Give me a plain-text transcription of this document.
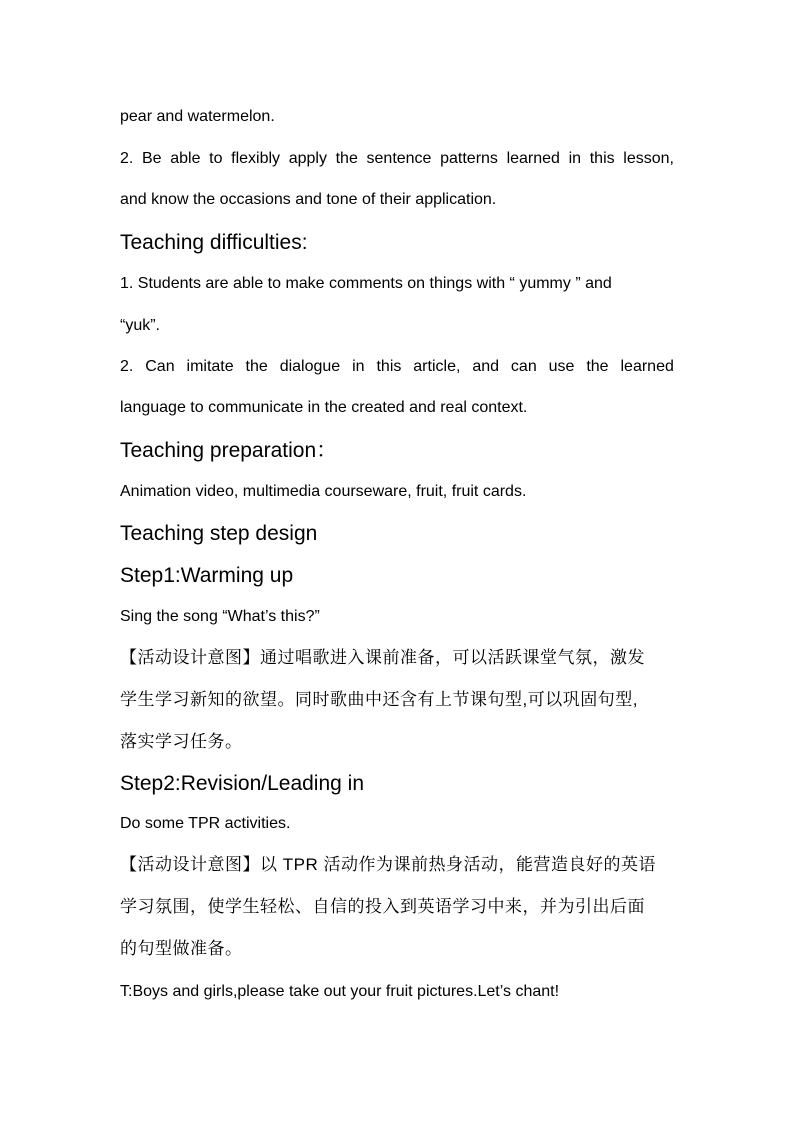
pear and watermelon.
2. Be able to flexibly apply the sentence patterns learned in this lesson,
and know the occasions and tone of their application.
Teaching difficulties:
1. Students are able to make comments on things with “ yummy ” and
“yuk”.
2. Can imitate the dialogue in this article, and can use the learned
language to communicate in the created and real context.
Teaching preparation：
Animation video, multimedia courseware, fruit, fruit cards.
Teaching step design
Step1:Warming up
Sing the song “What’s this?”
【活动设计意图】通过唱歌进入课前准备，可以活跃课堂气氛，激发
学生学习新知的欲望。同时歌曲中还含有上节课句型,可以巩固句型,
落实学习任务。
Step2:Revision/Leading in
Do some TPR activities.
【活动设计意图】以 TPR 活动作为课前热身活动，能营造良好的英语
学习氛围，使学生轻松、自信的投入到英语学习中来，并为引出后面
的句型做准备。
T:Boys and girls,please take out your fruit pictures.Let’s chant!
